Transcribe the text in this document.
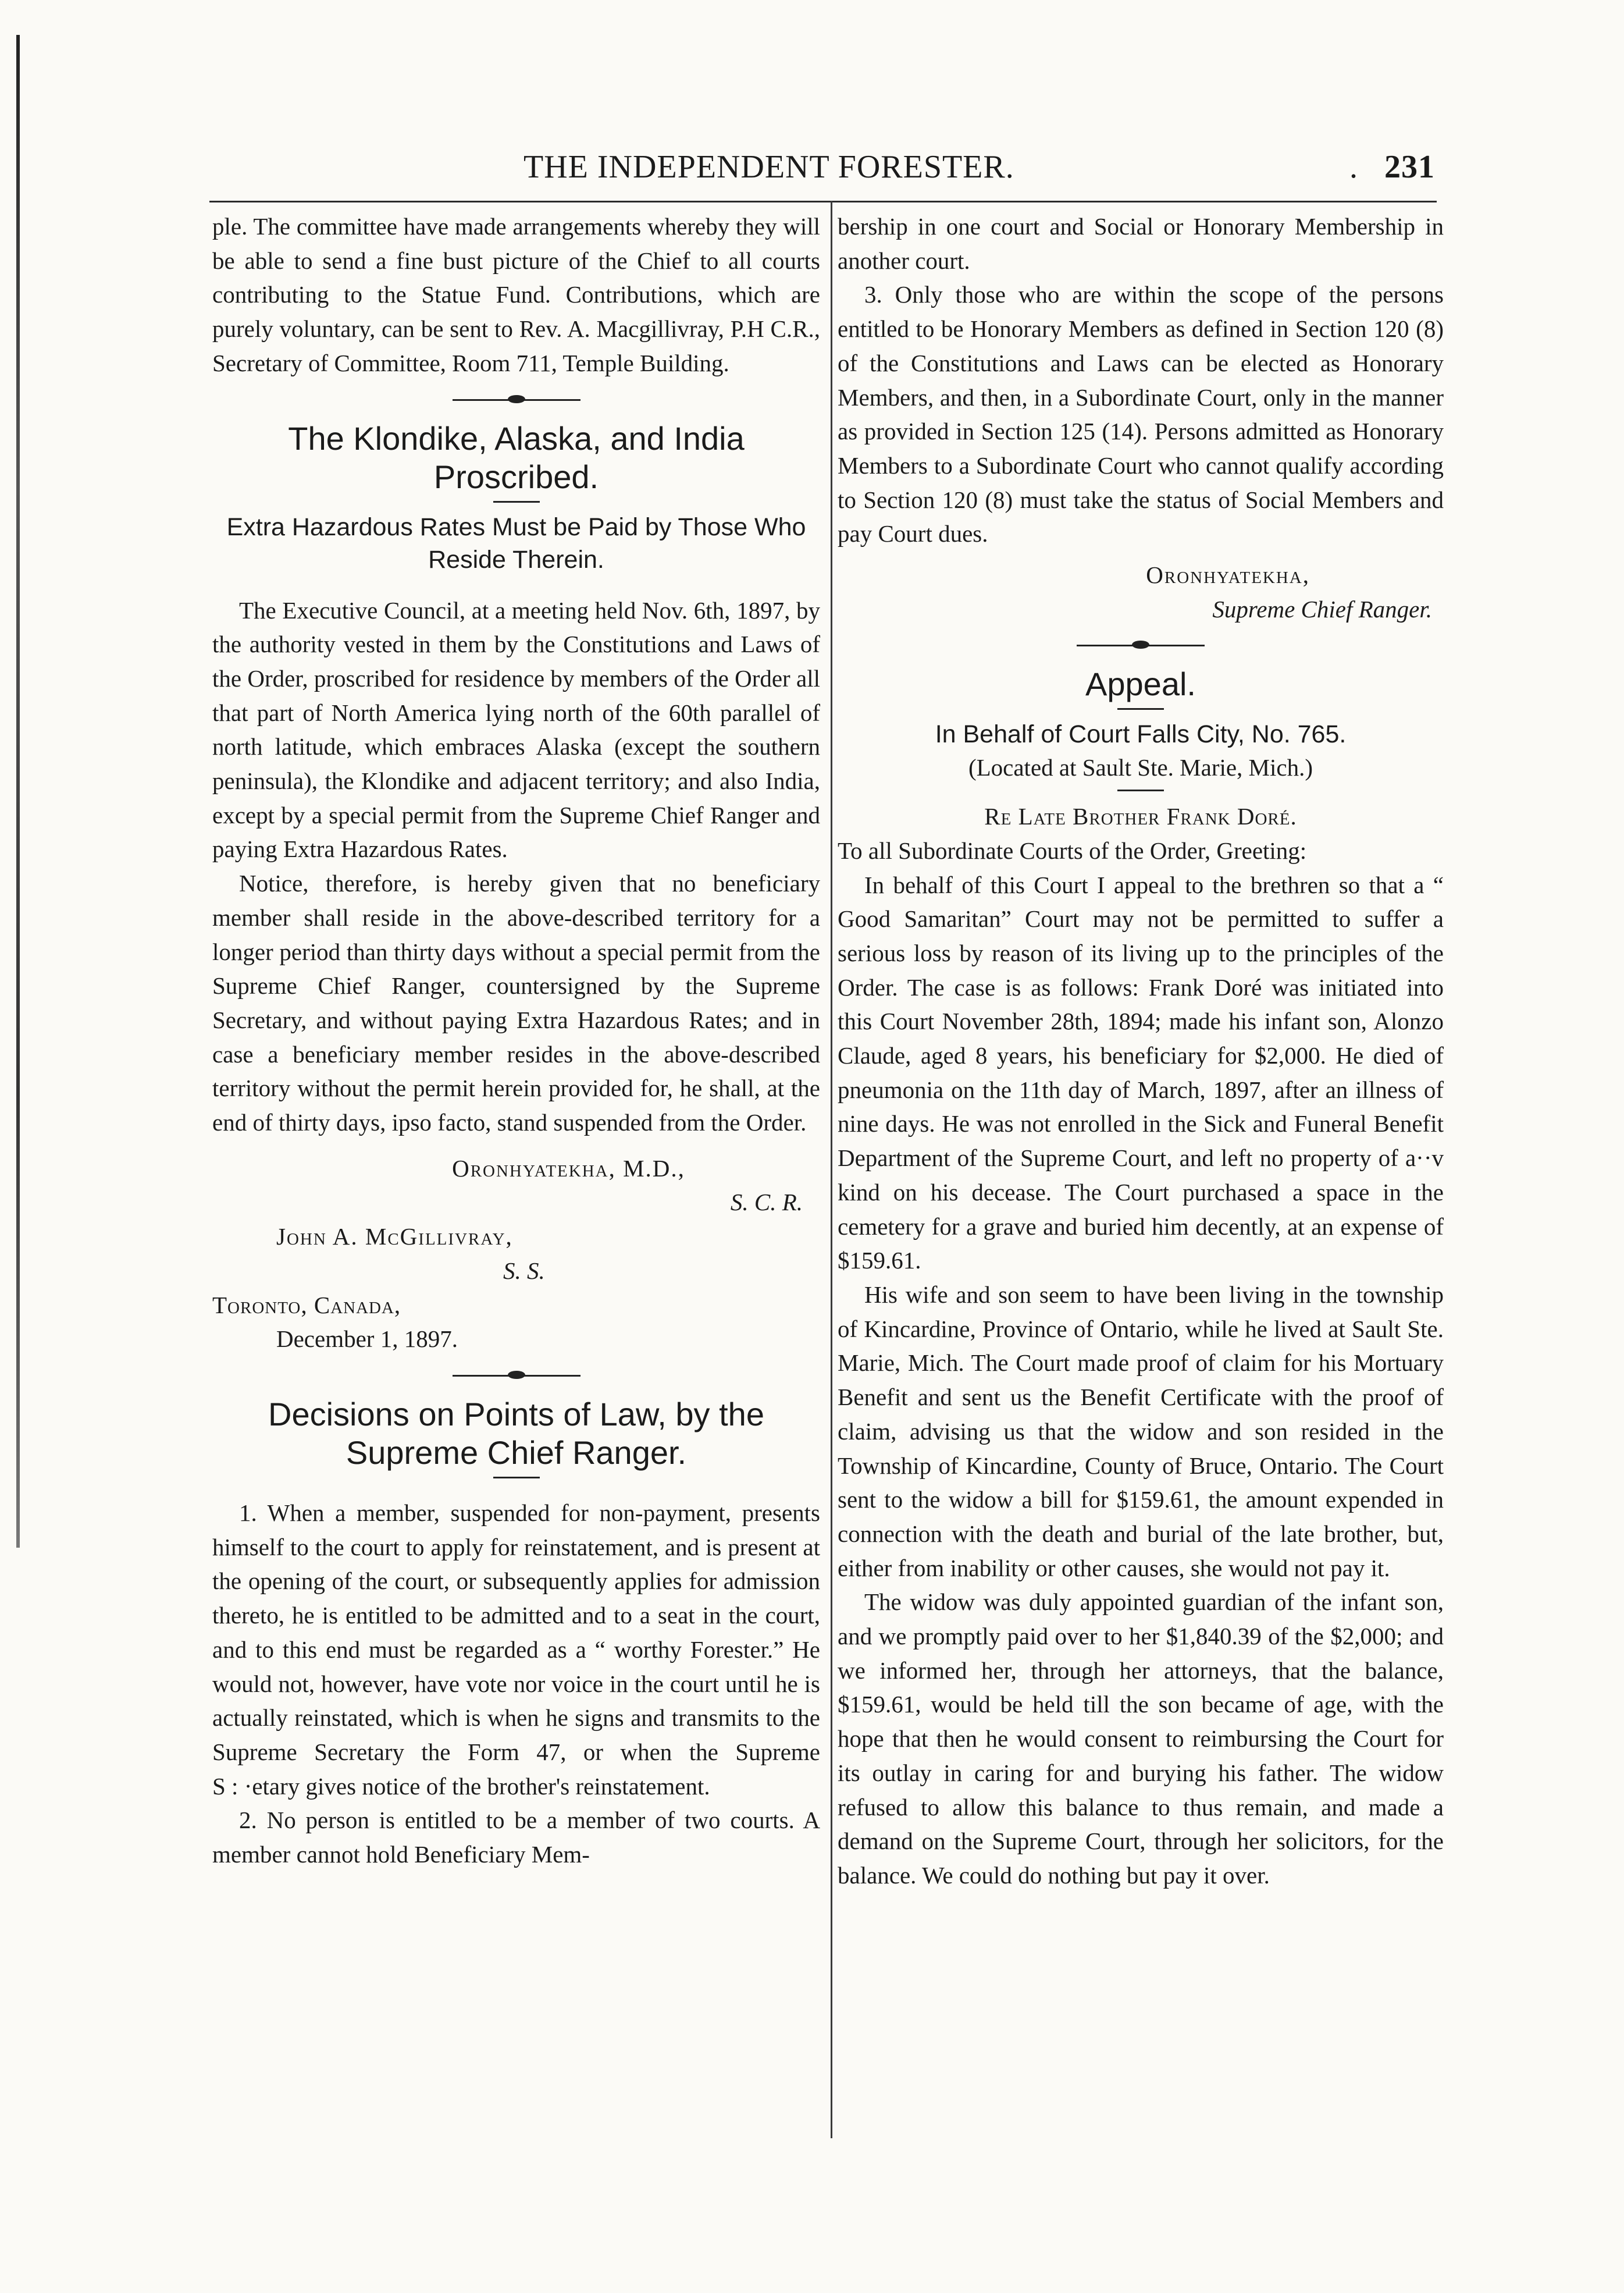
THE INDEPENDENT FORESTER.	. 231

ple. The committee have made arrangements whereby they will be able to send a fine bust picture of the Chief to all courts contributing to the Statue Fund. Contributions, which are purely voluntary, can be sent to Rev. A. Macgillivray, P.H C.R., Secretary of Committee, Room 711, Temple Building.

The Klondike, Alaska, and India Proscribed.
Extra Hazardous Rates Must be Paid by Those Who Reside Therein.

The Executive Council, at a meeting held Nov. 6th, 1897, by the authority vested in them by the Constitutions and Laws of the Order, proscribed for residence by members of the Order all that part of North America lying north of the 60th parallel of north latitude, which embraces Alaska (except the southern peninsula), the Klondike and adjacent territory; and also India, except by a special permit from the Supreme Chief Ranger and paying Extra Hazardous Rates.

Notice, therefore, is hereby given that no beneficiary member shall reside in the above-described territory for a longer period than thirty days without a special permit from the Supreme Chief Ranger, countersigned by the Supreme Secretary, and without paying Extra Hazardous Rates; and in case a beneficiary member resides in the above-described territory without the permit herein provided for, he shall, at the end of thirty days, ipso facto, stand suspended from the Order.

Oronhyatekha, M.D.,

S. C. R.

John A. McGillivray,

S. S.

Toronto, Canada,

December 1, 1897.

Decisions on Points of Law, by the Supreme Chief Ranger.

1. When a member, suspended for non-payment, presents himself to the court to apply for reinstatement, and is present at the opening of the court, or subsequently applies for admission thereto, he is entitled to be admitted and to a seat in the court, and to this end must be regarded as a “ worthy Forester.” He would not, however, have vote nor voice in the court until he is actually reinstated, which is when he signs and transmits to the Supreme Secretary the Form 47, or when the Supreme S : ·etary gives notice of the brother's reinstatement.

2. No person is entitled to be a member of two courts. A member cannot hold Beneficiary Mem-

bership in one court and Social or Honorary Membership in another court.

3. Only those who are within the scope of the persons entitled to be Honorary Members as defined in Section 120 (8) of the Constitutions and Laws can be elected as Honorary Members, and then, in a Subordinate Court, only in the manner as provided in Section 125 (14). Persons admitted as Honorary Members to a Subordinate Court who cannot qualify according to Section 120 (8) must take the status of Social Members and pay Court dues.

Oronhyatekha,

Supreme Chief Ranger.

Appeal.
In Behalf of Court Falls City, No. 765.

(Located at Sault Ste. Marie, Mich.)

Re Late Brother Frank Doré.

To all Subordinate Courts of the Order, Greeting:

In behalf of this Court I appeal to the brethren so that a “ Good Samaritan” Court may not be permitted to suffer a serious loss by reason of its living up to the principles of the Order. The case is as follows: Frank Doré was initiated into this Court November 28th, 1894; made his infant son, Alonzo Claude, aged 8 years, his beneficiary for $2,000. He died of pneumonia on the 11th day of March, 1897, after an illness of nine days. He was not enrolled in the Sick and Funeral Benefit Department of the Supreme Court, and left no property of a··v kind on his decease. The Court purchased a space in the cemetery for a grave and buried him decently, at an expense of $159.61.

His wife and son seem to have been living in the township of Kincardine, Province of Ontario, while he lived at Sault Ste. Marie, Mich. The Court made proof of claim for his Mortuary Benefit and sent us the Benefit Certificate with the proof of claim, advising us that the widow and son resided in the Township of Kincardine, County of Bruce, Ontario. The Court sent to the widow a bill for $159.61, the amount expended in connection with the death and burial of the late brother, but, either from inability or other causes, she would not pay it.

The widow was duly appointed guardian of the infant son, and we promptly paid over to her $1,840.39 of the $2,000; and we informed her, through her attorneys, that the balance, $159.61, would be held till the son became of age, with the hope that then he would consent to reimbursing the Court for its outlay in caring for and burying his father. The widow refused to allow this balance to thus remain, and made a demand on the Supreme Court, through her solicitors, for the balance. We could do nothing but pay it over.
